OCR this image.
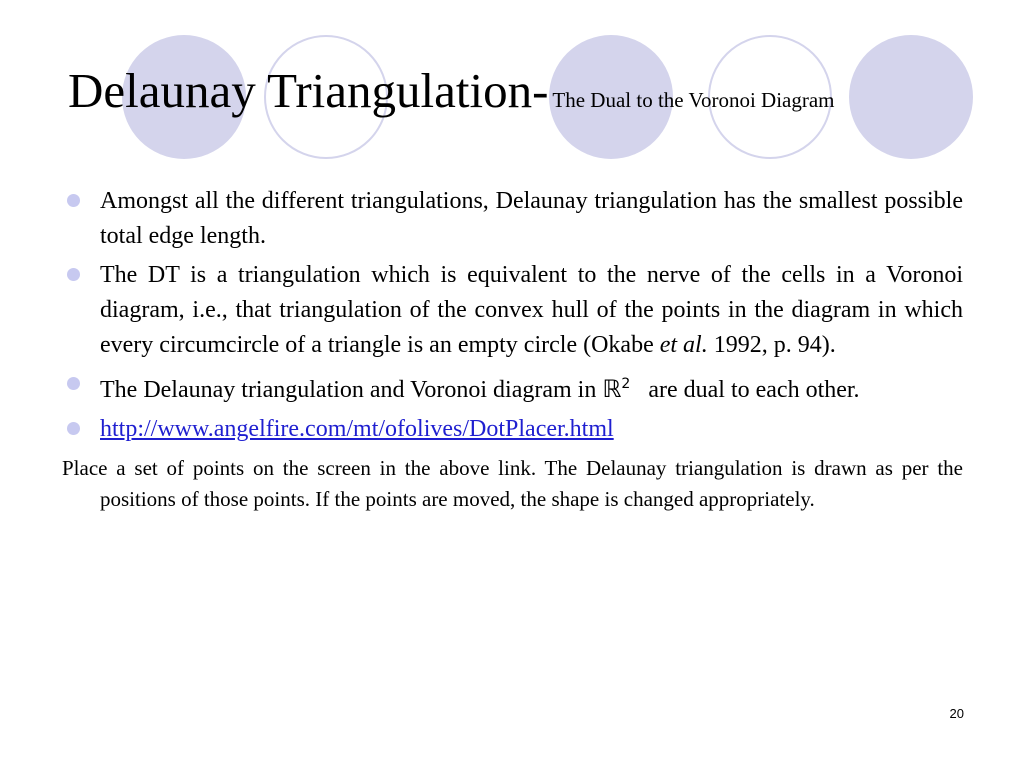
Delaunay Triangulation- The Dual to the Voronoi Diagram
Amongst all the different triangulations, Delaunay triangulation has the smallest possible total edge length.
The DT is a triangulation which is equivalent to the nerve of the cells in a Voronoi diagram, i.e., that triangulation of the convex hull of the points in the diagram in which every circumcircle of a triangle is an empty circle (Okabe et al. 1992, p. 94).
The Delaunay triangulation and Voronoi diagram in ℝ$^2$ are dual to each other.
http://www.angelfire.com/mt/ofolives/DotPlacer.html
Place a set of points on the screen in the above link. The Delaunay triangulation is drawn as per the positions of those points. If the points are moved, the shape is changed appropriately.
20
